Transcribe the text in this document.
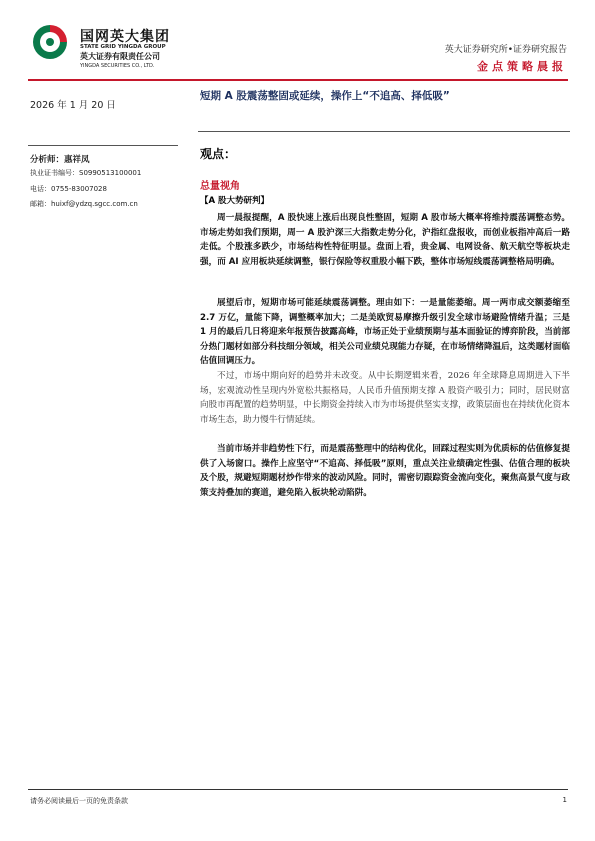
国网英大集团
STATE GRID YINGDA GROUP
英大证券有限责任公司
YINGDA SECURITIES CO., LTD.
英大证券研究所•证券研究报告
金点策略晨报
2026 年 1 月 20 日
分析师：惠祥凤
执业证书编号：S0990513100001
电话：0755-83007028
邮箱：huixf@ydzq.sgcc.com.cn
短期 A 股震荡整固或延续，操作上“不追高、择低吸”
观点：
总量视角
【A 股大势研判】

周一晨报提醒，A 股快速上涨后出现良性整固，短期 A 股市场大概率将维持震荡调整态势。市场走势如我们预期，周一 A 股沪深三大指数走势分化，沪指红盘报收，而创业板指冲高后一路走低。个股涨多跌少，市场结构性特征明显。盘面上看，贵金属、电网设备、航天航空等板块走强，而 AI 应用板块延续调整，银行保险等权重股小幅下跌，整体市场短线震荡调整格局明确。

展望后市，短期市场可能延续震荡调整。理由如下：一是量能萎缩。周一两市成交额萎缩至 2.7 万亿，量能下降，调整概率加大；二是美欧贸易摩擦升级引发全球市场避险情绪升温；三是 1 月的最后几日将迎来年报预告披露高峰，市场正处于业绩预期与基本面验证的博弈阶段，当前部分热门题材如部分科技细分领域，相关公司业绩兑现能力存疑，在市场情绪降温后，这类题材面临估值回调压力。

不过，市场中期向好的趋势并未改变。从中长期逻辑来看，2026 年全球降息周期进入下半场，宏观流动性呈现内外宽松共振格局，人民币升值预期支撑 A 股资产吸引力；同时，居民财富向股市再配置的趋势明显，中长期资金持续入市为市场提供坚实支撑，政策层面也在持续优化资本市场生态，助力慢牛行情延续。

当前市场并非趋势性下行，而是震荡整理中的结构优化，回踩过程实则为优质标的估值修复提供了入场窗口。操作上应坚守“不追高、择低吸”原则，重点关注业绩确定性强、估值合理的板块及个股，规避短期题材炒作带来的波动风险。同时，需密切跟踪资金流向变化，聚焦高景气度与政策支持叠加的赛道，避免陷入板块轮动陷阱。

请务必阅读最后一页的免责条款	1
